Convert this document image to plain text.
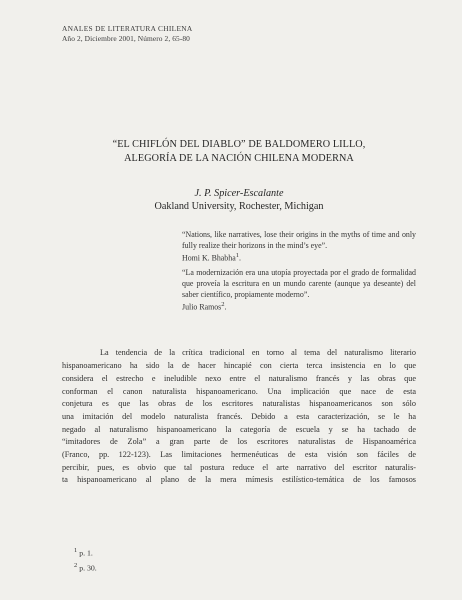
ANALES DE LITERATURA CHILENA
Año 2, Diciembre 2001, Número 2, 65-80
“EL CHIFLÓN DEL DIABLO” DE BALDOMERO LILLO,
ALEGORÍA DE LA NACIÓN CHILENA MODERNA
J. P. Spicer-Escalante
Oakland University, Rochester, Michigan
“Nations, like narratives, lose their origins in the myths of time and only fully realize their horizons in the mind’s eye”.
Homi K. Bhabha$^1$.
“La modernización era una utopía proyectada por el grado de formalidad que proveía la escritura en un mundo carente (aunque ya deseante) del saber científico, propiamente moderno”.
Julio Ramos$^2$.
La tendencia de la crítica tradicional en torno al tema del naturalismo literario
hispanoamericano ha sido la de hacer hincapié con cierta terca insistencia en lo que
considera el estrecho e ineludible nexo entre el naturalismo francés y las obras que
conforman el canon naturalista hispanoamericano. Una implicación que nace de esta
conjetura es que las obras de los escritores naturalistas hispanoamericanos son sólo
una imitación del modelo naturalista francés. Debido a esta caracterización, se le ha
negado al naturalismo hispanoamericano la categoría de escuela y se ha tachado de
“imitadores de Zola” a gran parte de los escritores naturalistas de Hispanoamérica
(Franco, pp. 122-123). Las limitaciones hermenéuticas de esta visión son fáciles de
percibir, pues, es obvio que tal postura reduce el arte narrativo del escritor naturalis-
ta hispanoamericano al plano de la mera mímesis estilístico-temática de los famosos
$^1$ p. 1.
$^2$ p. 30.
